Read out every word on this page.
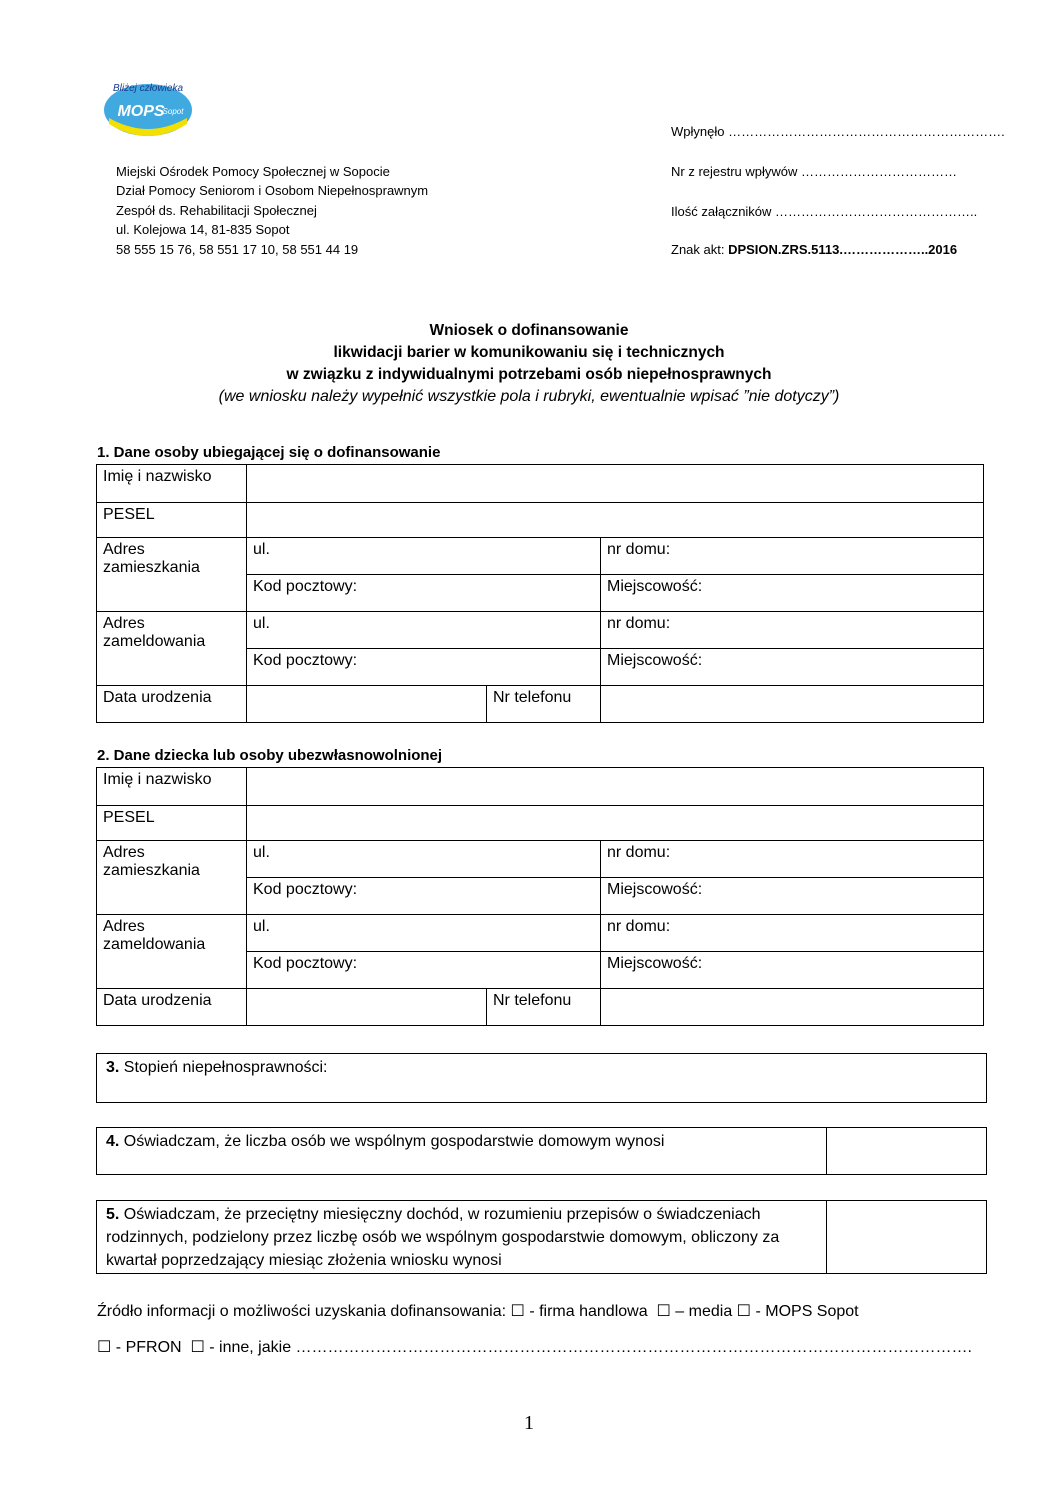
Bliżej człowieka
MOPS
Sopot
Miejski Ośrodek Pomocy Społecznej w Sopocie
Dział Pomocy Seniorom i Osobom Niepełnosprawnym
Zespół ds. Rehabilitacji Społecznej
ul. Kolejowa 14, 81-835 Sopot
58 555 15 76, 58 551 17 10, 58 551 44 19
Wpłynęło ……………………………………………………….
Nr z rejestru wpływów ………………………………
Ilość załączników ………………………………………..
Znak akt: DPSION.ZRS.5113.………………..2016
Wniosek o dofinansowanie
likwidacji barier w komunikowaniu się i technicznych
w związku z indywidualnymi potrzebami osób niepełnosprawnych
(we wniosku należy wypełnić wszystkie pola i rubryki, ewentualnie wpisać ”nie dotyczy”)
1. Dane osoby ubiegającej się o dofinansowanie
Imię i nazwisko			
PESEL			
Adres zamieszkania	ul.		nr domu:
	Kod pocztowy:		Miejscowość:
Adres zameldowania	ul.		nr domu:
	Kod pocztowy:		Miejscowość:
Data urodzenia		Nr telefonu	
2. Dane dziecka lub osoby ubezwłasnowolnionej
Imię i nazwisko			
PESEL			
Adres zamieszkania	ul.		nr domu:
	Kod pocztowy:		Miejscowość:
Adres zameldowania	ul.		nr domu:
	Kod pocztowy:		Miejscowość:
Data urodzenia		Nr telefonu	
3. Stopień niepełnosprawności:
4. Oświadczam, że liczba osób we wspólnym gospodarstwie domowym wynosi
5. Oświadczam, że przeciętny miesięczny dochód, w rozumieniu przepisów o świadczeniach rodzinnych, podzielony przez liczbę osób we wspólnym gospodarstwie domowym, obliczony za kwartał poprzedzający miesiąc złożenia wniosku wynosi
Źródło informacji o możliwości uzyskania dofinansowania: ☐ - firma handlowa ☐ – media ☐ - MOPS Sopot
☐ - PFRON ☐ - inne, jakie ……………………………………………………………………………………………………………….
1
